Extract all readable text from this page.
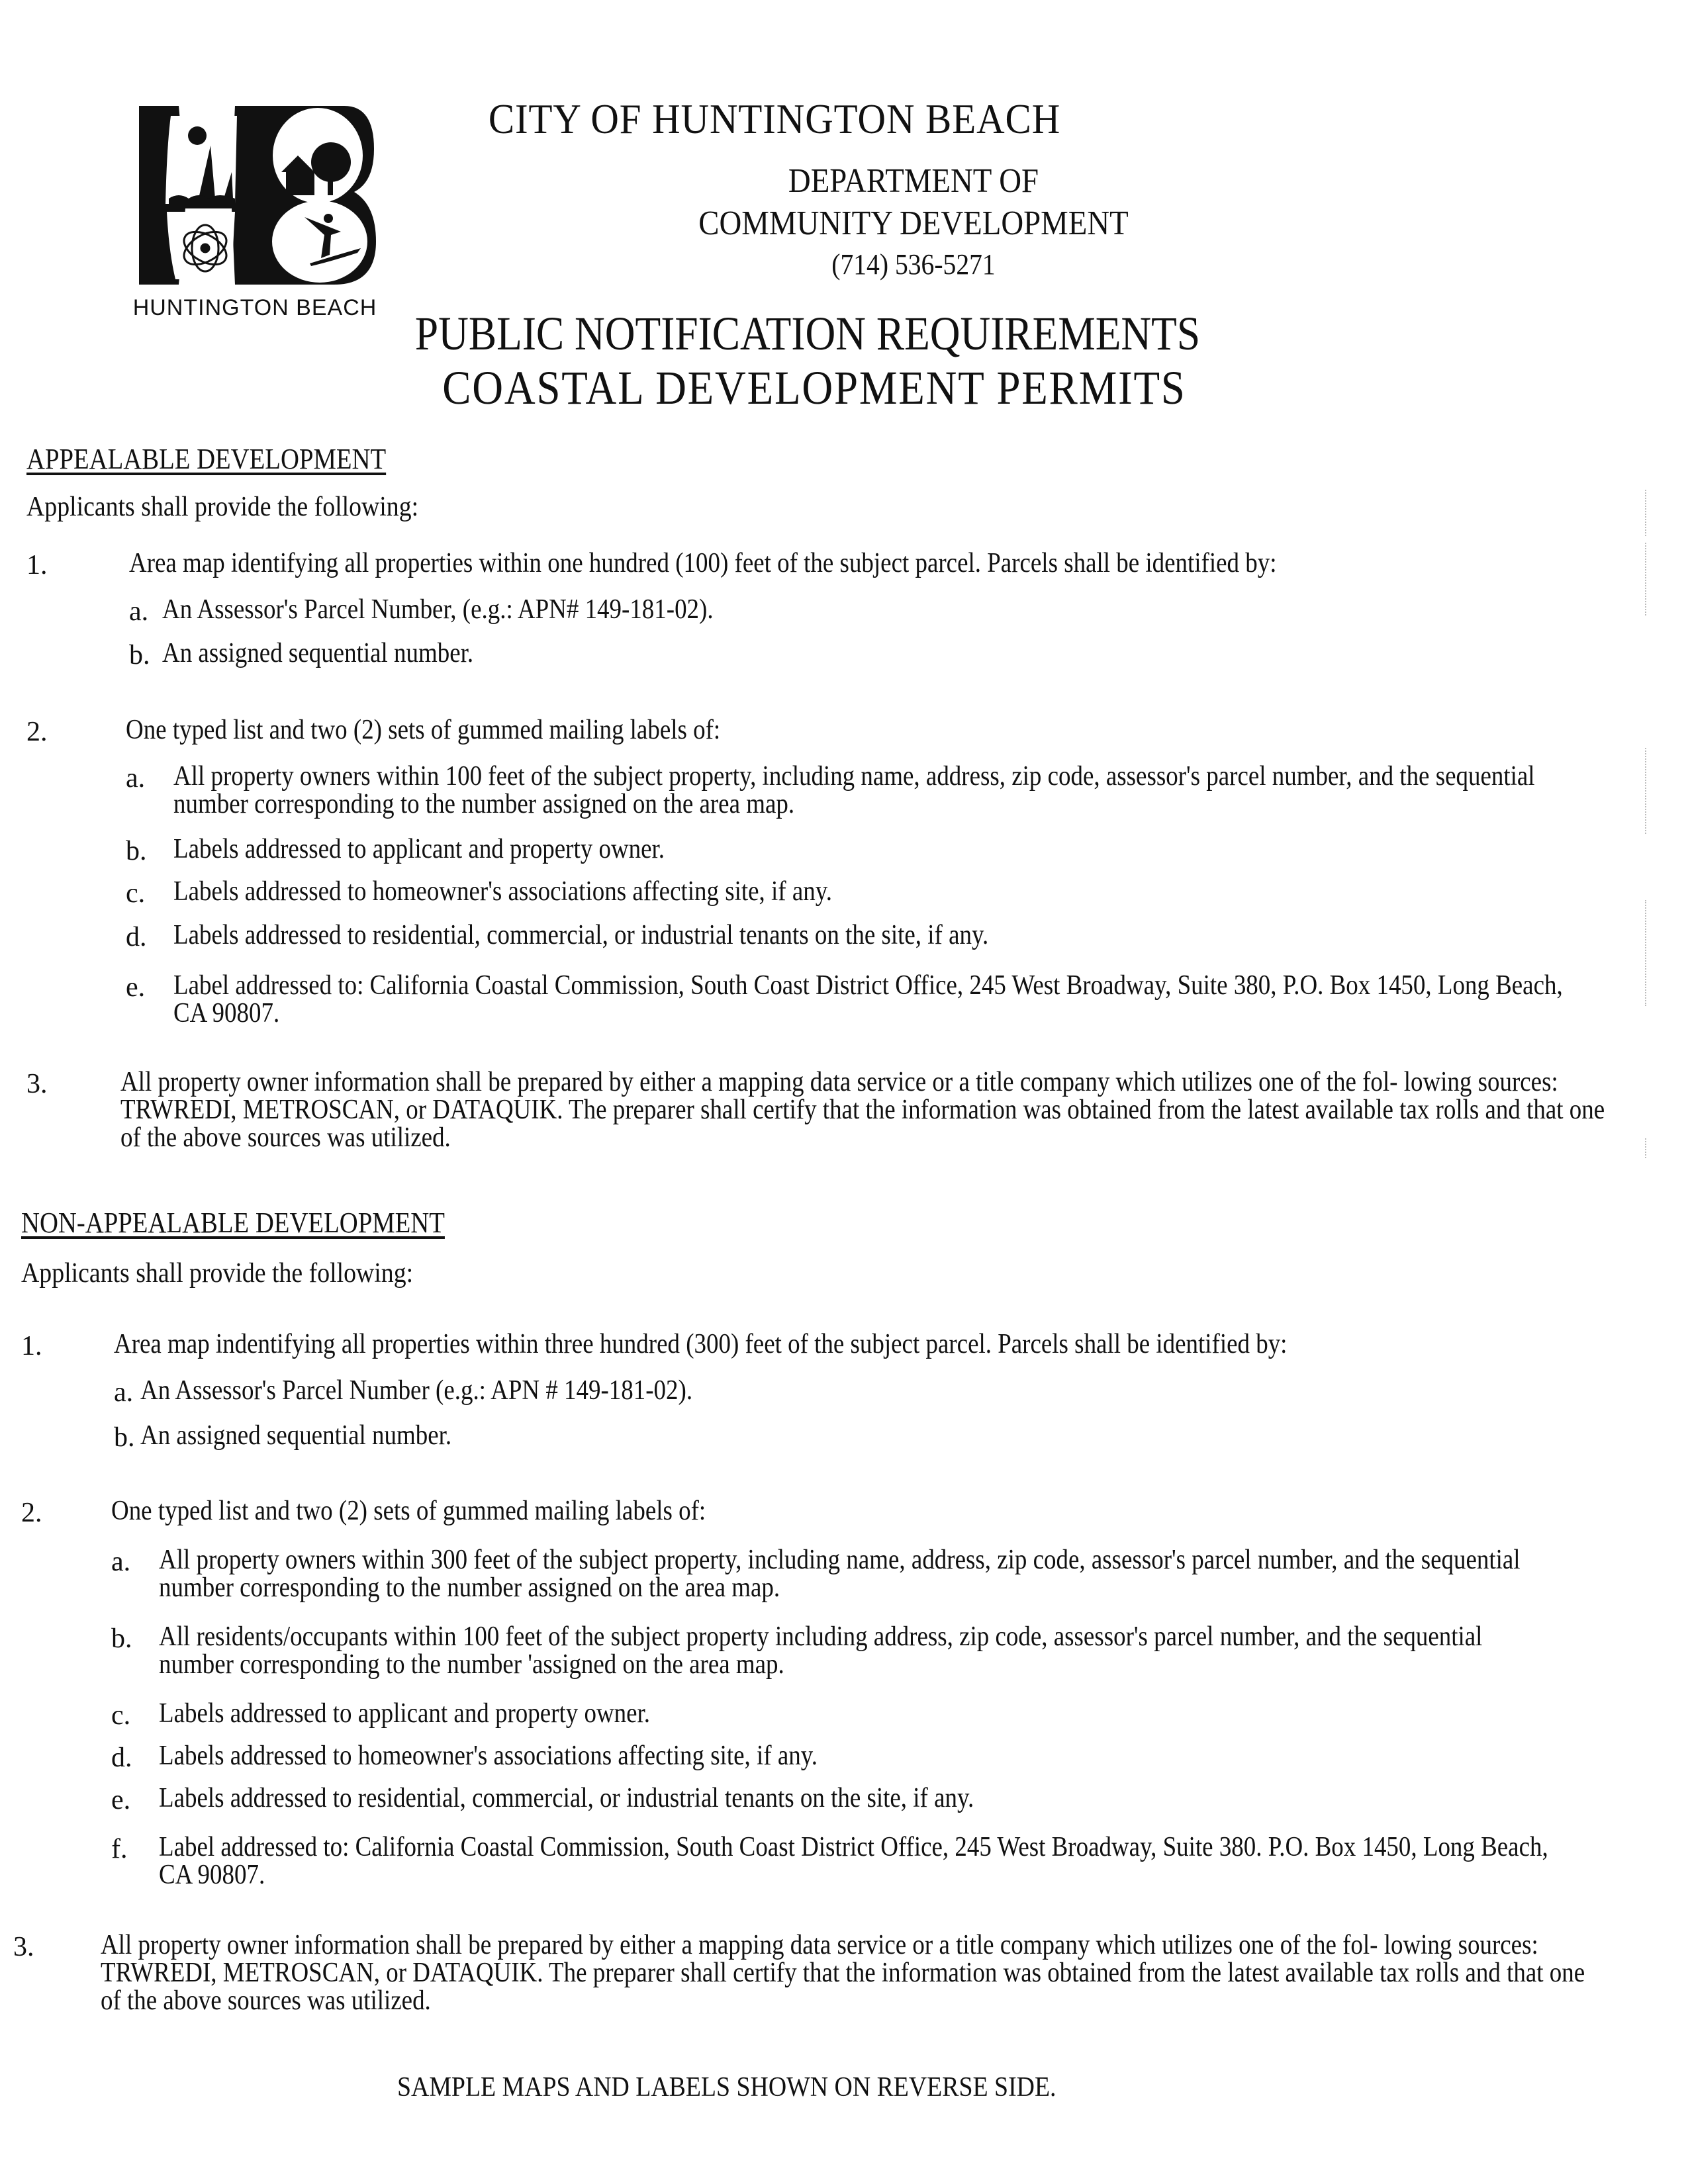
HUNTINGTON BEACH
CITY OF HUNTINGTON BEACH
DEPARTMENT OF
COMMUNITY DEVELOPMENT
(714) 536-5271
PUBLIC NOTIFICATION REQUIREMENTS
COASTAL DEVELOPMENT PERMITS
APPEALABLE DEVELOPMENT
Applicants shall provide the following:
1.	Area map identifying all properties within one hundred (100) feet of the subject parcel. Parcels shall be identified by:
a. An Assessor's Parcel Number, (e.g.: APN# 149-181-02).
b. An assigned sequential number.
2.	One typed list and two (2) sets of gummed mailing labels of:
a. All property owners within 100 feet of the subject property, including name, address, zip code, assessor's parcel number, and the sequential number corresponding to the number assigned on the area map.
b. Labels addressed to applicant and property owner.
c. Labels addressed to homeowner's associations affecting site, if any.
d. Labels addressed to residential, commercial, or industrial tenants on the site, if any.
e. Label addressed to: California Coastal Commission, South Coast District Office, 245 West Broadway, Suite 380, P.O. Box 1450, Long Beach, CA 90807.
3.	All property owner information shall be prepared by either a mapping data service or a title company which utilizes one of the fol- lowing sources: TRWREDI, METROSCAN, or DATAQUIK. The preparer shall certify that the information was obtained from the latest available tax rolls and that one of the above sources was utilized.
NON-APPEALABLE DEVELOPMENT
Applicants shall provide the following:
1.	Area map indentifying all properties within three hundred (300) feet of the subject parcel. Parcels shall be identified by:
a. An Assessor's Parcel Number (e.g.: APN # 149-181-02).
b. An assigned sequential number.
2. One typed list and two (2) sets of gummed mailing labels of:
a. All property owners within 300 feet of the subject property, including name, address, zip code, assessor's parcel number, and the sequential number corresponding to the number assigned on the area map.
b. All residents/occupants within 100 feet of the subject property including address, zip code, assessor's parcel number, and the sequential number corresponding to the number 'assigned on the area map.
c. Labels addressed to applicant and property owner.
d. Labels addressed to homeowner's associations affecting site, if any.
e. Labels addressed to residential, commercial, or industrial tenants on the site, if any.
f. Label addressed to: California Coastal Commission, South Coast District Office, 245 West Broadway, Suite 380. P.O. Box 1450, Long Beach, CA 90807.
3. All property owner information shall be prepared by either a mapping data service or a title company which utilizes one of the fol- lowing sources: TRWREDI, METROSCAN, or DATAQUIK. The preparer shall certify that the information was obtained from the latest available tax rolls and that one of the above sources was utilized.
SAMPLE MAPS AND LABELS SHOWN ON REVERSE SIDE.
